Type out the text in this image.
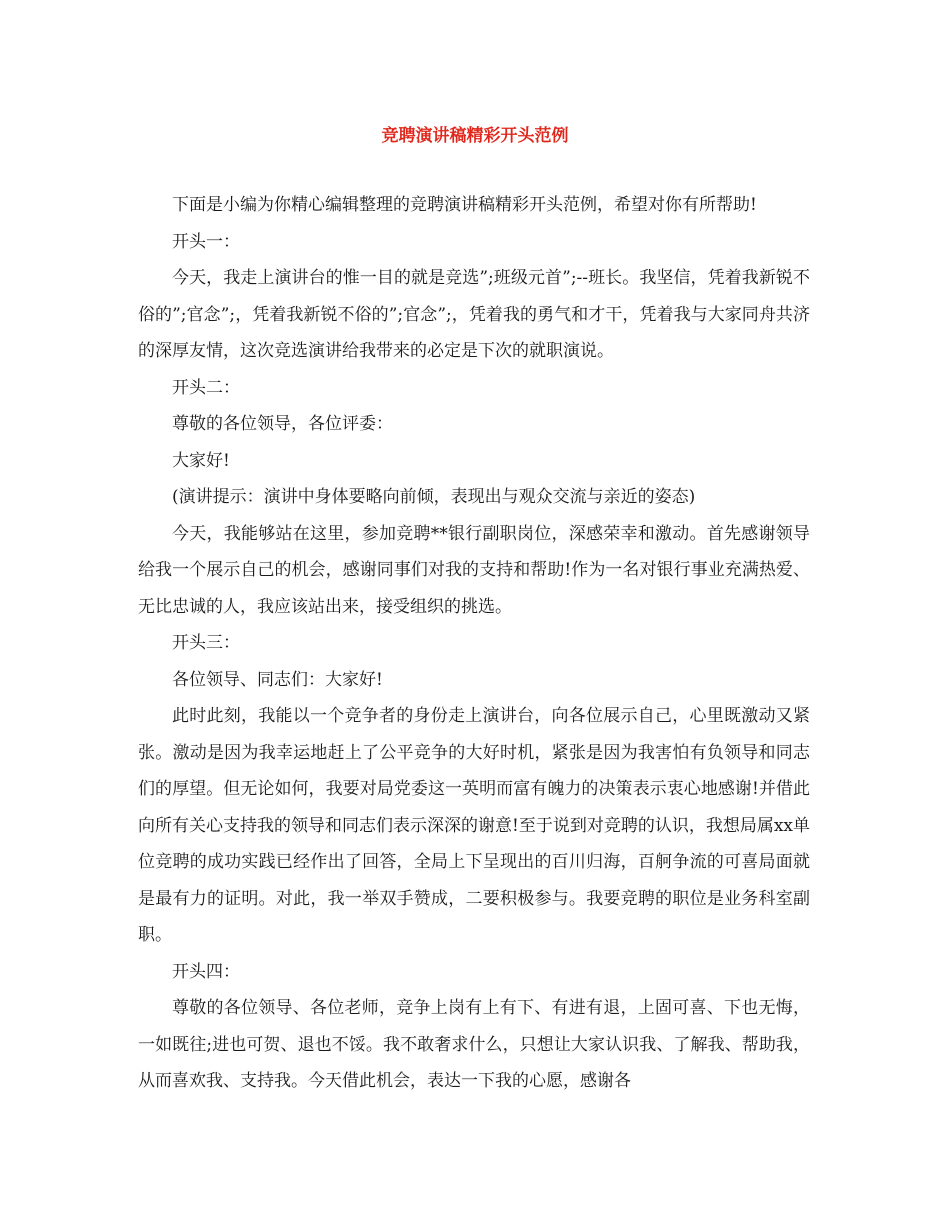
竞聘演讲稿精彩开头范例

下面是小编为你精心编辑整理的竞聘演讲稿精彩开头范例，希望对你有所帮助!

开头一：

今天，我走上演讲台的惟一目的就是竞选”;班级元首”;--班长。我坚信，凭着我新锐不俗的”;官念”;，凭着我新锐不俗的”;官念”;，凭着我的勇气和才干，凭着我与大家同舟共济的深厚友情，这次竞选演讲给我带来的必定是下次的就职演说。

开头二：

尊敬的各位领导，各位评委：

大家好!

(演讲提示：演讲中身体要略向前倾，表现出与观众交流与亲近的姿态)

今天，我能够站在这里，参加竞聘**银行副职岗位，深感荣幸和激动。首先感谢领导给我一个展示自己的机会，感谢同事们对我的支持和帮助!作为一名对银行事业充满热爱、无比忠诚的人，我应该站出来，接受组织的挑选。

开头三：

各位领导、同志们：大家好!

此时此刻，我能以一个竞争者的身份走上演讲台，向各位展示自己，心里既激动又紧张。激动是因为我幸运地赶上了公平竞争的大好时机，紧张是因为我害怕有负领导和同志们的厚望。但无论如何，我要对局党委这一英明而富有魄力的决策表示衷心地感谢!并借此向所有关心支持我的领导和同志们表示深深的谢意!至于说到对竞聘的认识，我想局属xx单位竞聘的成功实践已经作出了回答，全局上下呈现出的百川归海，百舸争流的可喜局面就是最有力的证明。对此，我一举双手赞成，二要积极参与。我要竞聘的职位是业务科室副职。

开头四：

尊敬的各位领导、各位老师，竞争上岗有上有下、有进有退，上固可喜、下也无悔，一如既往;进也可贺、退也不馁。我不敢奢求什么，只想让大家认识我、了解我、帮助我，从而喜欢我、支持我。今天借此机会，表达一下我的心愿，感谢各
